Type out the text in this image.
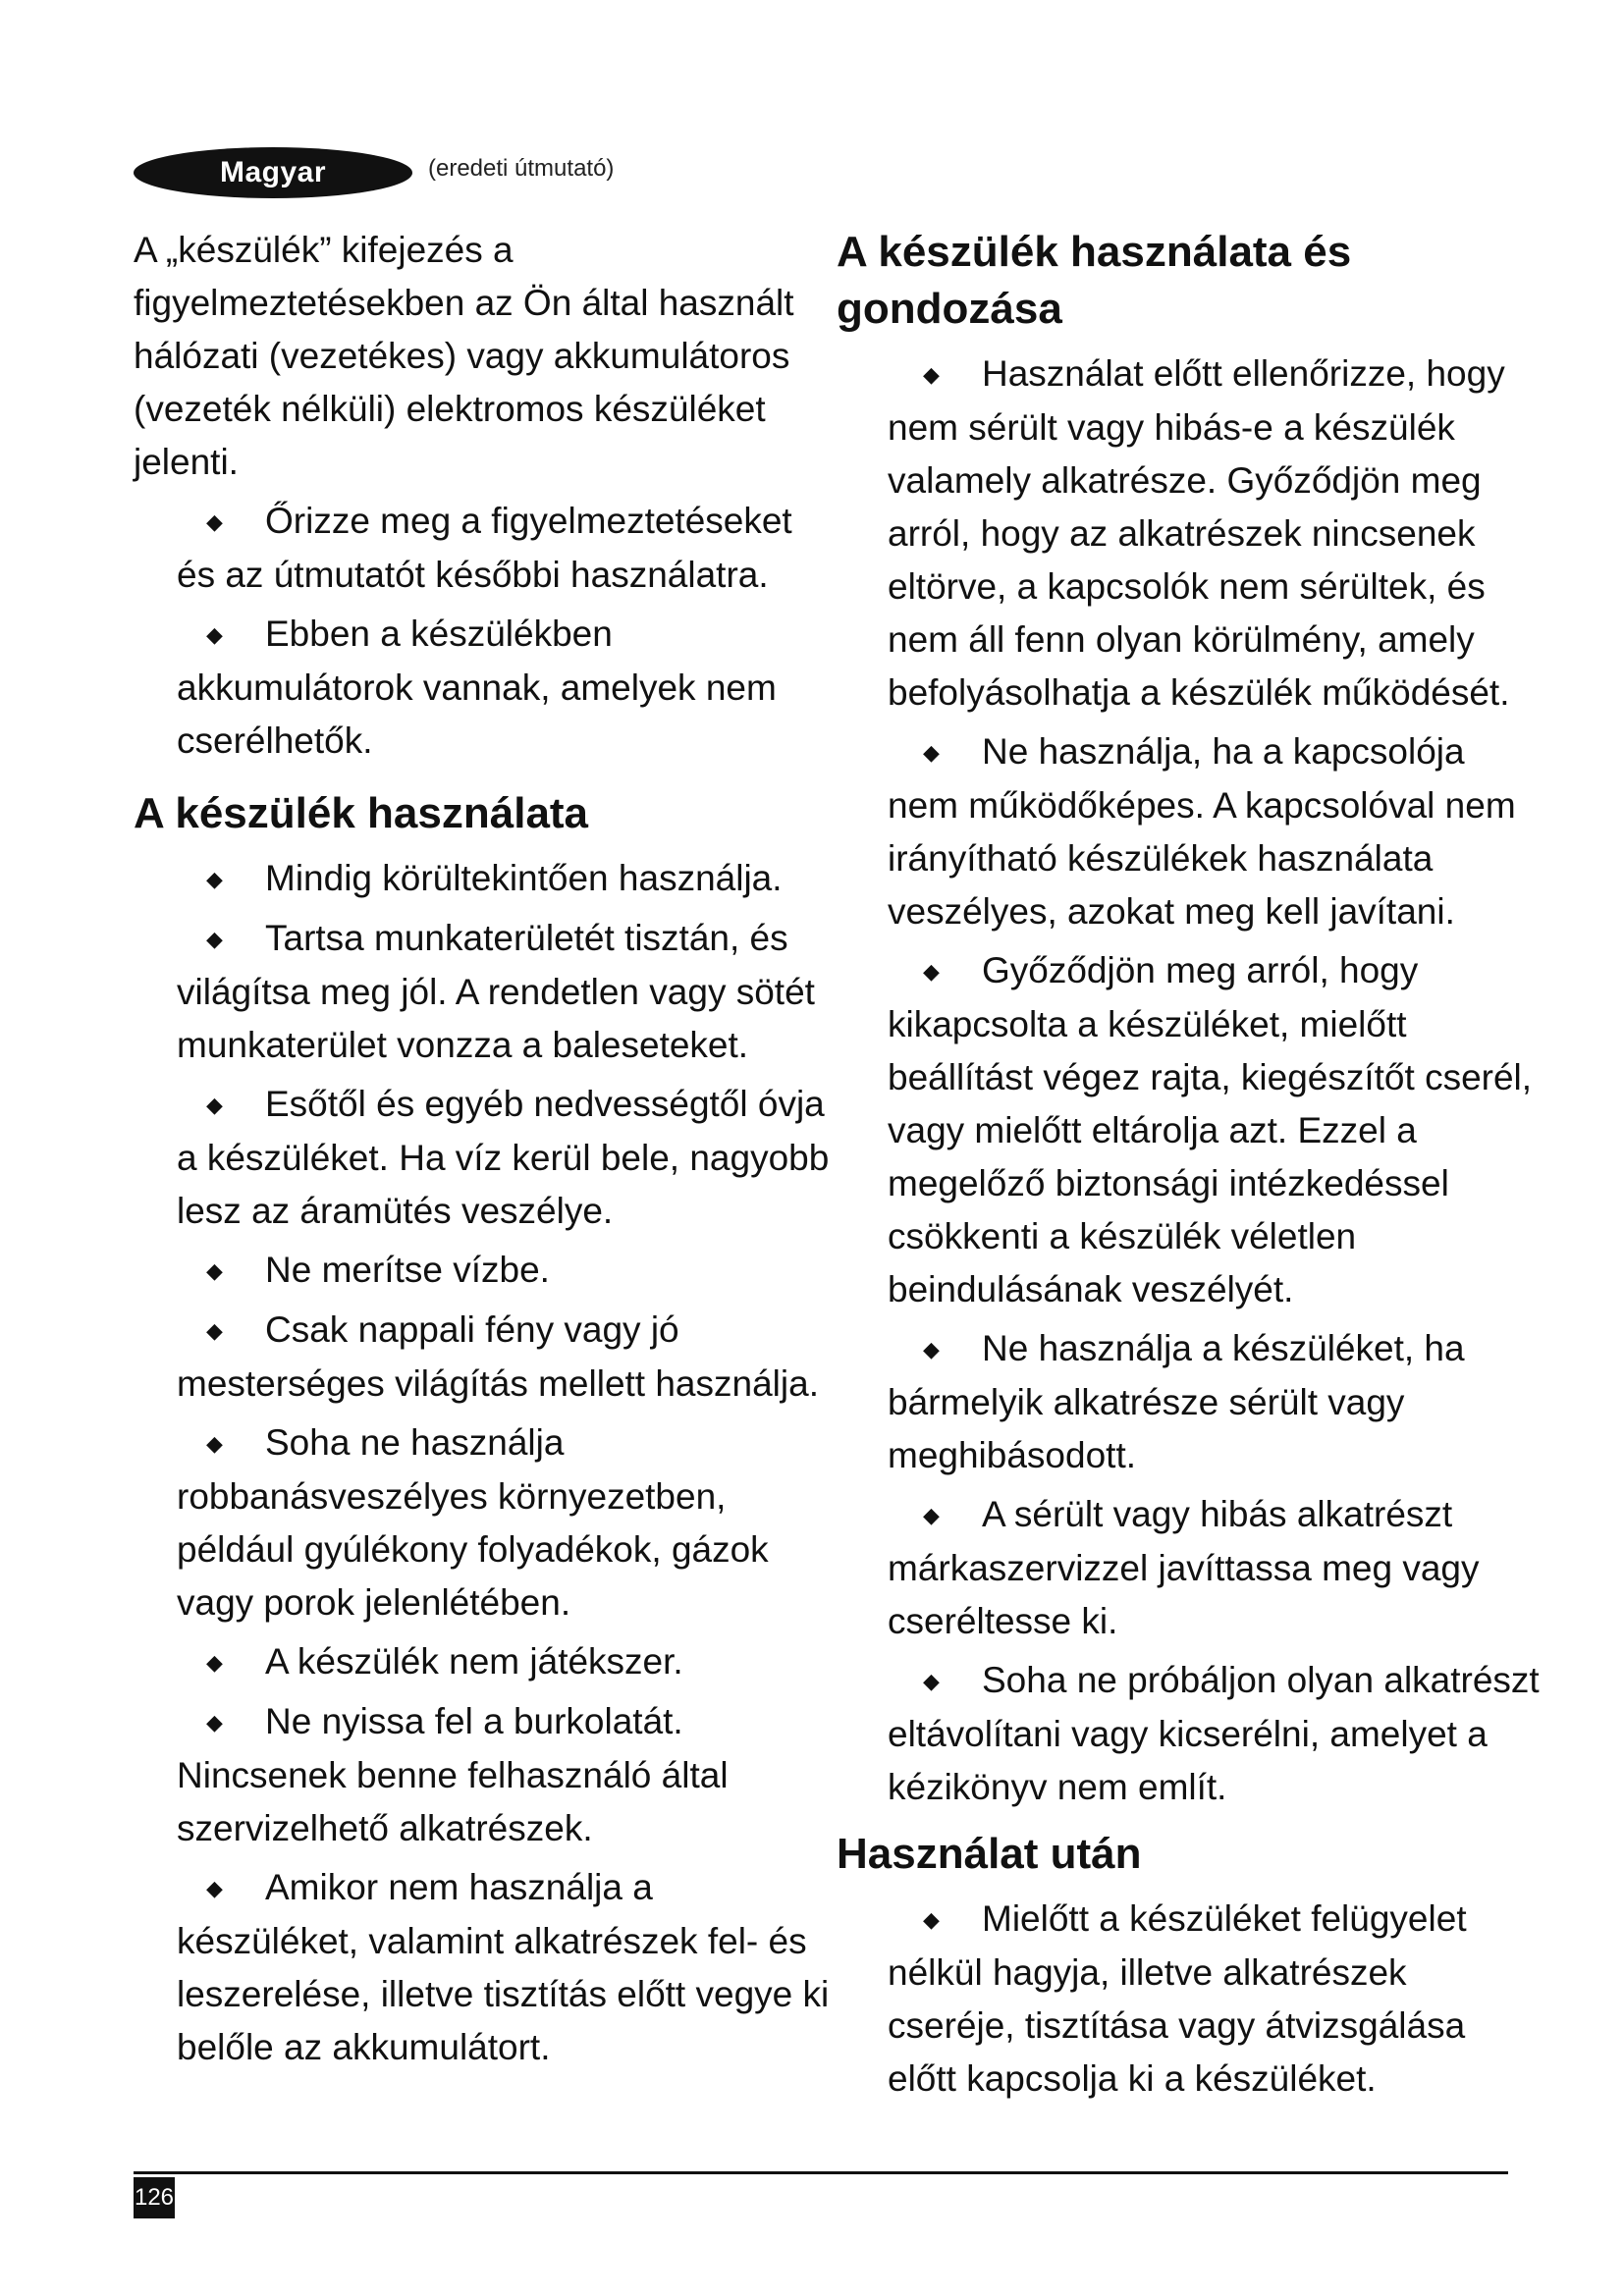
Magyar	(eredeti útmutató)

A „készülék” kifejezés a figyelmeztetésekben az Ön által használt hálózati (vezetékes) vagy akkumulátoros (vezeték nélküli) elektromos készüléket jelenti.

◆ Őrizze meg a figyelmeztetéseket és az útmutatót későbbi használatra.
◆ Ebben a készülékben akkumulátorok vannak, amelyek nem cserélhetők.
A készülék használata
◆ Mindig körültekintően használja.
◆ Tartsa munkaterületét tisztán, és világítsa meg jól. A rendetlen vagy sötét munkaterület vonzza a baleseteket.
◆ Esőtől és egyéb nedvességtől óvja a készüléket. Ha víz kerül bele, nagyobb lesz az áramütés veszélye.
◆ Ne merítse vízbe.
◆ Csak nappali fény vagy jó mesterséges világítás mellett használja.
◆ Soha ne használja robbanásveszélyes környezetben, például gyúlékony folyadékok, gázok vagy porok jelenlétében.
◆ A készülék nem játékszer.
◆ Ne nyissa fel a burkolatát. Nincsenek benne felhasználó által szervizelhető alkatrészek.
◆ Amikor nem használja a készüléket, valamint alkatrészek fel- és leszerelése, illetve tisztítás előtt vegye ki belőle az akkumulátort.
A készülék használata és gondozása
◆ Használat előtt ellenőrizze, hogy nem sérült vagy hibás-e a készülék valamely alkatrésze. Győződjön meg arról, hogy az alkatrészek nincsenek eltörve, a kapcsolók nem sérültek, és nem áll fenn olyan körülmény, amely befolyásolhatja a készülék működését.
◆ Ne használja, ha a kapcsolója nem működőképes. A kapcsolóval nem irányítható készülékek használata veszélyes, azokat meg kell javítani.
◆ Győződjön meg arról, hogy kikapcsolta a készüléket, mielőtt beállítást végez rajta, kiegészítőt cserél, vagy mielőtt eltárolja azt. Ezzel a megelőző biztonsági intézkedéssel csökkenti a készülék véletlen beindulásának veszélyét.
◆ Ne használja a készüléket, ha bármelyik alkatrésze sérült vagy meghibásodott.
◆ A sérült vagy hibás alkatrészt márkaszervizzel javíttassa meg vagy cseréltesse ki.
◆ Soha ne próbáljon olyan alkatrészt eltávolítani vagy kicserélni, amelyet a kézikönyv nem említ.
Használat után
◆ Mielőtt a készüléket felügyelet nélkül hagyja, illetve alkatrészek cseréje, tisztítása vagy átvizsgálása előtt kapcsolja ki a készüléket.
126
